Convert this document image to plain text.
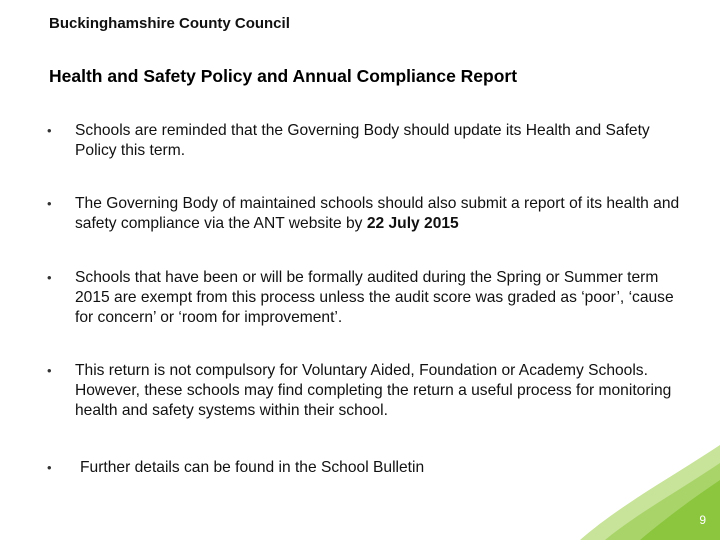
Buckinghamshire County Council
Health and Safety Policy and Annual Compliance Report
•	Schools are reminded that the Governing Body should update its Health and Safety Policy this term.
•	The Governing Body of maintained schools should also submit a report of its health and safety compliance via the ANT website by 22 July 2015
•	Schools that have been or will be formally audited during the Spring or Summer term 2015 are exempt from this process unless the audit score was graded as ‘poor’, ‘cause for concern’ or ‘room for improvement’.
•	This return is not compulsory for Voluntary Aided, Foundation or Academy Schools. However, these schools may find completing the return a useful process for monitoring health and safety systems within their school.
•	Further details can be found in the School Bulletin
9
